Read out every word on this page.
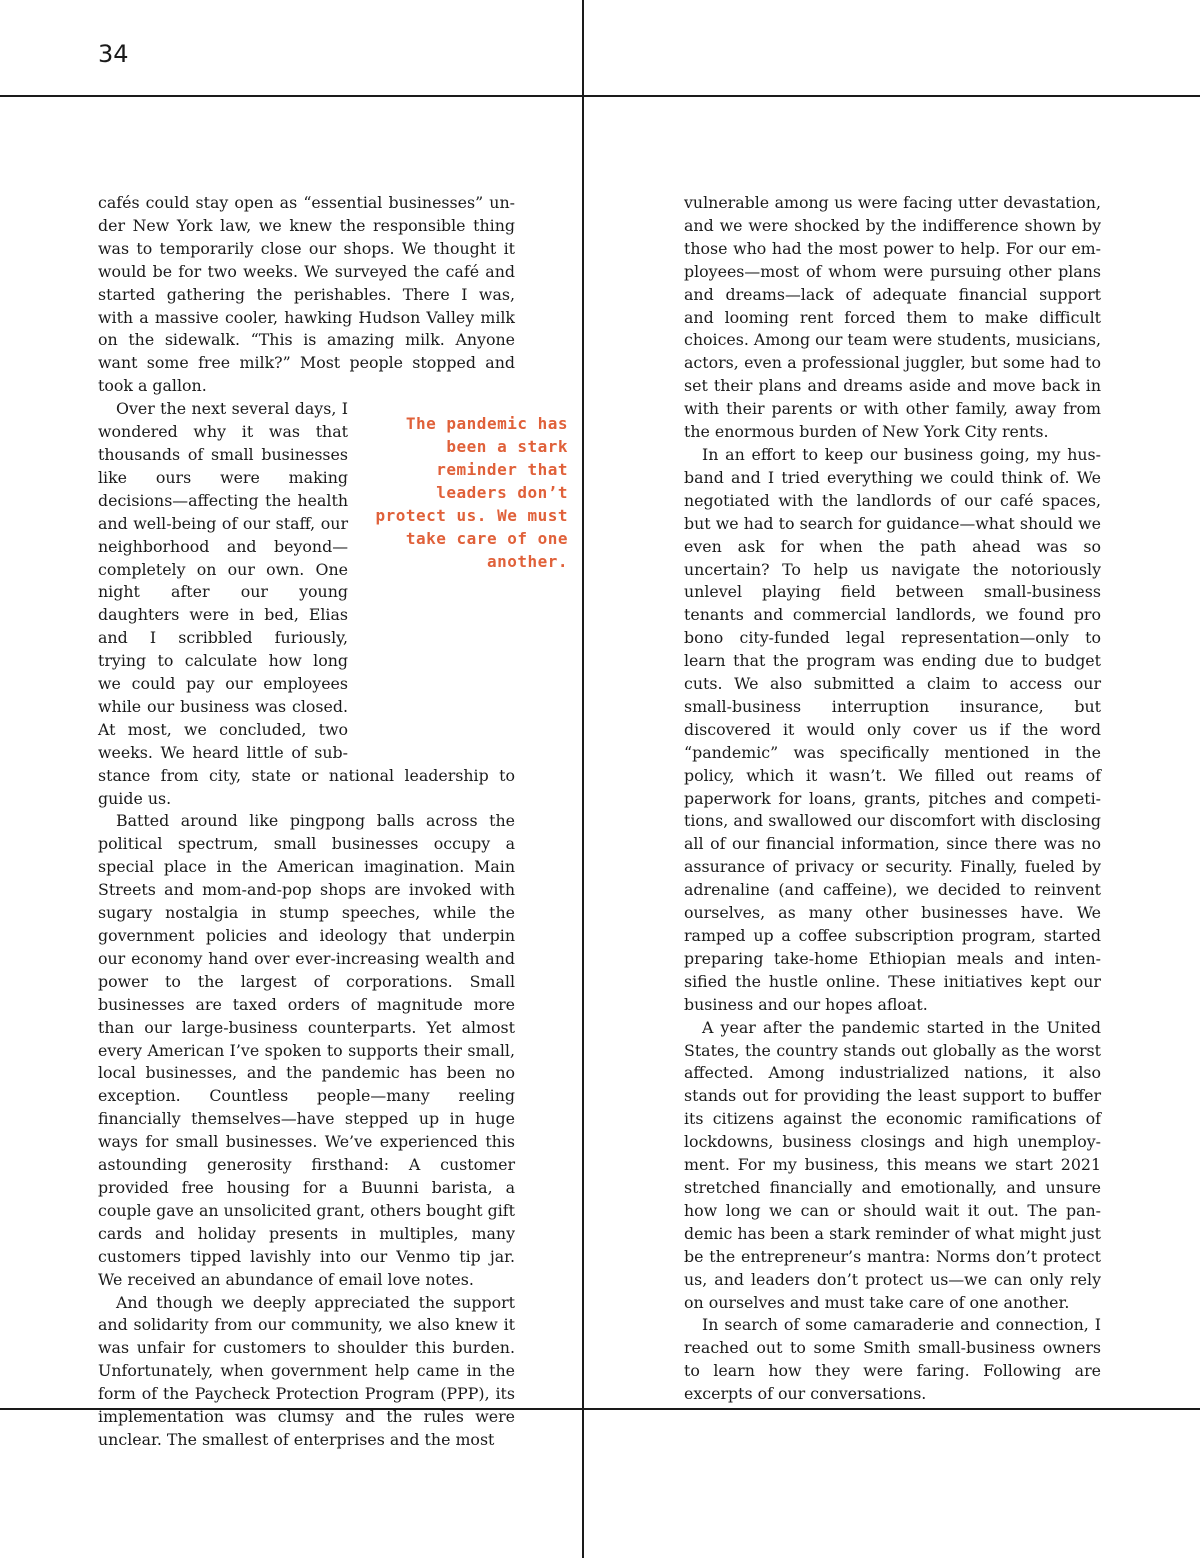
34

cafés could stay open as “essential businesses” under New York law, we knew the responsible thing was to temporarily close our shops. We thought it would be for two weeks. We surveyed the café and started gathering the perishables. There I was, with a massive cooler, hawking Hudson Valley milk on the sidewalk. “This is amazing milk. Anyone want some free milk?” Most people stopped and took a gallon.

The pandemic has been a stark reminder that leaders don’t protect us. We must take care of one another.
Over the next several days, I wondered why it was that thousands of small businesses like ours were making decisions—affecting the health and well-being of our staff, our neighborhood and beyond—completely on our own. One night after our young daughters were in bed, Elias and I scribbled furiously, trying to calculate how long we could pay our employees while our business was closed. At most, we concluded, two weeks. We heard little of substance from city, state or national leadership to guide us.

Batted around like pingpong balls across the political spectrum, small businesses occupy a special place in the American imagination. Main Streets and mom-and-pop shops are invoked with sugary nostalgia in stump speeches, while the government policies and ideology that underpin our economy hand over ever-increasing wealth and power to the largest of corporations. Small businesses are taxed orders of magnitude more than our large-business counterparts. Yet almost every American I’ve spoken to supports their small, local businesses, and the pandemic has been no exception. Countless people—many reeling financially themselves—have stepped up in huge ways for small businesses. We’ve experienced this astounding generosity firsthand: A customer provided free housing for a Buunni barista, a couple gave an unsolicited grant, others bought gift cards and holiday presents in multiples, many customers tipped lavishly into our Venmo tip jar. We received an abundance of email love notes.

And though we deeply appreciated the support and solidarity from our community, we also knew it was unfair for customers to shoulder this burden. Unfortunately, when government help came in the form of the Paycheck Protection Program (PPP), its implementation was clumsy and the rules were unclear. The smallest of enterprises and the most

vulnerable among us were facing utter devastation, and we were shocked by the indifference shown by those who had the most power to help. For our employees—most of whom were pursuing other plans and dreams—lack of adequate financial support and looming rent forced them to make difficult choices. Among our team were students, musicians, actors, even a professional juggler, but some had to set their plans and dreams aside and move back in with their parents or with other family, away from the enormous burden of New York City rents.

In an effort to keep our business going, my husband and I tried everything we could think of. We negotiated with the landlords of our café spaces, but we had to search for guidance—what should we even ask for when the path ahead was so uncertain? To help us navigate the notoriously unlevel playing field between small-business tenants and commercial landlords, we found pro bono city-funded legal representation—only to learn that the program was ending due to budget cuts. We also submitted a claim to access our small-business interruption insurance, but discovered it would only cover us if the word “pandemic” was specifically mentioned in the policy, which it wasn’t. We filled out reams of paperwork for loans, grants, pitches and competitions, and swallowed our discomfort with disclosing all of our financial information, since there was no assurance of privacy or security. Finally, fueled by adrenaline (and caffeine), we decided to reinvent ourselves, as many other businesses have. We ramped up a coffee subscription program, started preparing take-home Ethiopian meals and intensified the hustle online. These initiatives kept our business and our hopes afloat.

A year after the pandemic started in the United States, the country stands out globally as the worst affected. Among industrialized nations, it also stands out for providing the least support to buffer its citizens against the economic ramifications of lockdowns, business closings and high unemployment. For my business, this means we start 2021 stretched financially and emotionally, and unsure how long we can or should wait it out. The pandemic has been a stark reminder of what might just be the entrepreneur’s mantra: Norms don’t protect us, and leaders don’t protect us—we can only rely on ourselves and must take care of one another.

In search of some camaraderie and connection, I reached out to some Smith small-business owners to learn how they were faring. Following are excerpts of our conversations.
